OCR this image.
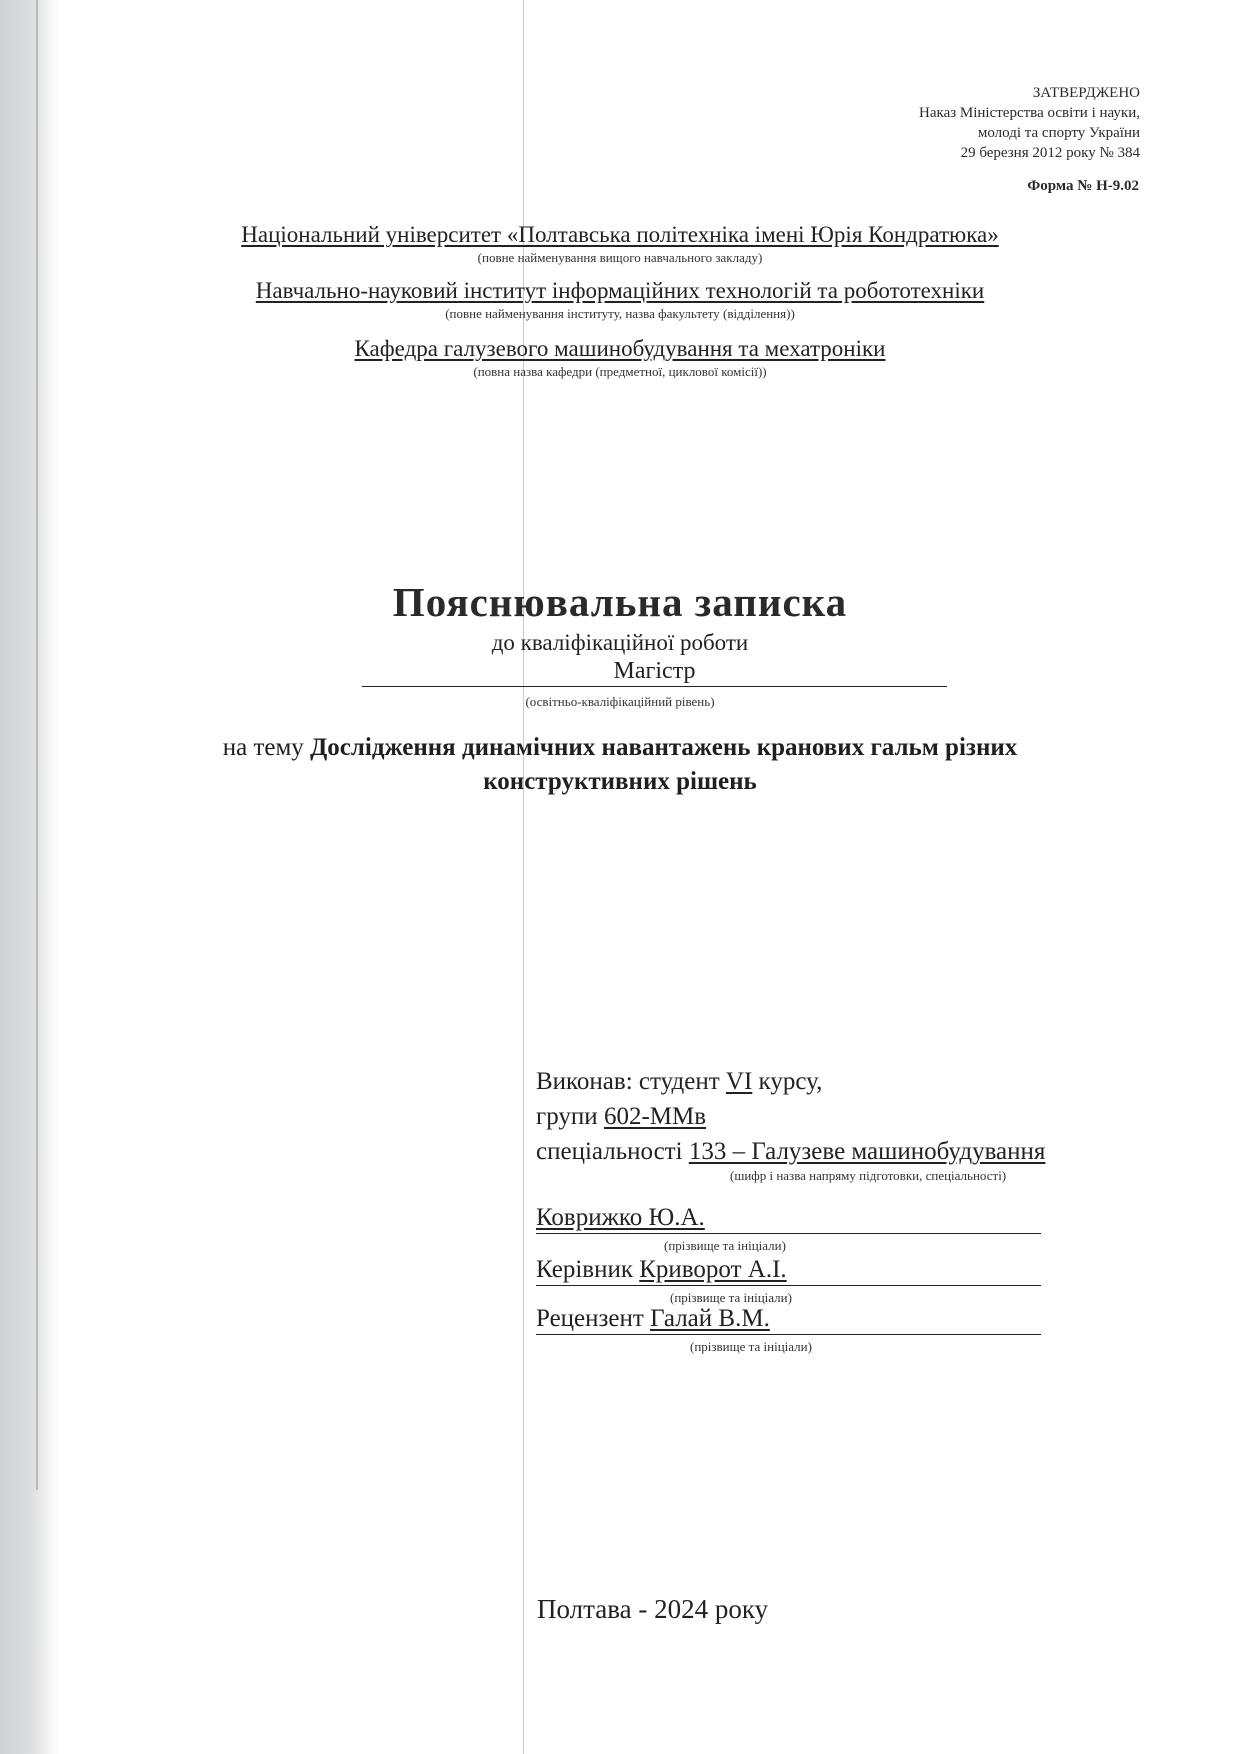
ЗАТВЕРДЖЕНО
Наказ Міністерства освіти і науки,
молоді та спорту України
29 березня 2012 року № 384
Форма № Н-9.02
Національний університет «Полтавська політехніка імені Юрія Кондратюка»
(повне найменування вищого навчального закладу)
Навчально-науковий інститут інформаційних технологій та робототехніки
(повне найменування інституту, назва факультету (відділення))
Кафедра галузевого машинобудування та мехатроніки
(повна назва кафедри (предметної, циклової комісії))
Пояснювальна записка
до кваліфікаційної роботи
Магістр
(освітньо-кваліфікаційний рівень)
на тему Дослідження динамічних навантажень кранових гальм різних
конструктивних рішень
Виконав: студент VI курсу,
групи 602-ММв
спеціальності 133 – Галузеве машинобудування
(шифр і назва напряму підготовки, спеціальності)
Коврижко Ю.А.
(прізвище та ініціали)
Керівник Криворот А.І.
(прізвище та ініціали)
Рецензент Галай В.М.
(прізвище та ініціали)
Полтава - 2024 року
